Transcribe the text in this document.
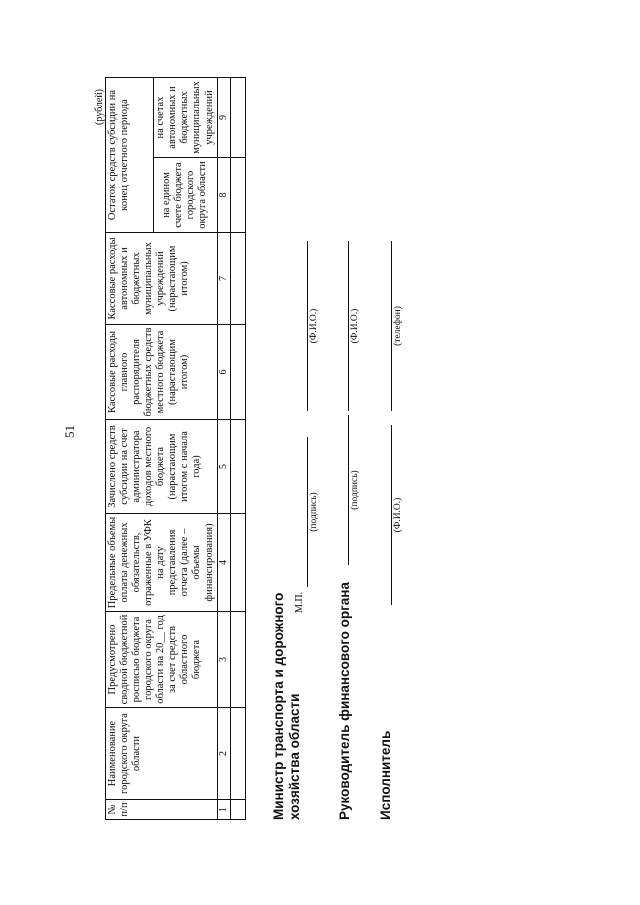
51
(рублей)
№ п/п	Наименование городского округа области	Предусмотрено сводной бюджетной росписью бюджета городского округа области на 20__ год за счет средств областного бюджета	Предельные объемы оплаты денежных обязательств, отраженные в УФК на дату представления отчета (далее – объемы финансирования)	Зачислено средств субсидии на счет администратора доходов местного бюджета (нарастающим итогом с начала года)	Кассовые расходы главного распорядителя бюджетных средств местного бюджета (нарастающим итогом)	Кассовые расходы автономных и бюджетных муниципальных учреждений (нарастающим итогом)	Остаток средств субсидии на конец отчетного периода	
							на едином счете бюджета городского округа области	на счетах автономных и бюджетных муниципальных учреждений
1	2	3	4	5	6	7	8	9

Министр транспорта и дорожного хозяйства области
М.П.
(подпись)
(Ф.И.О.)
Руководитель финансового органа
(подпись)
(Ф.И.О.)
Исполнитель
(Ф.И.О.)
(телефон)
